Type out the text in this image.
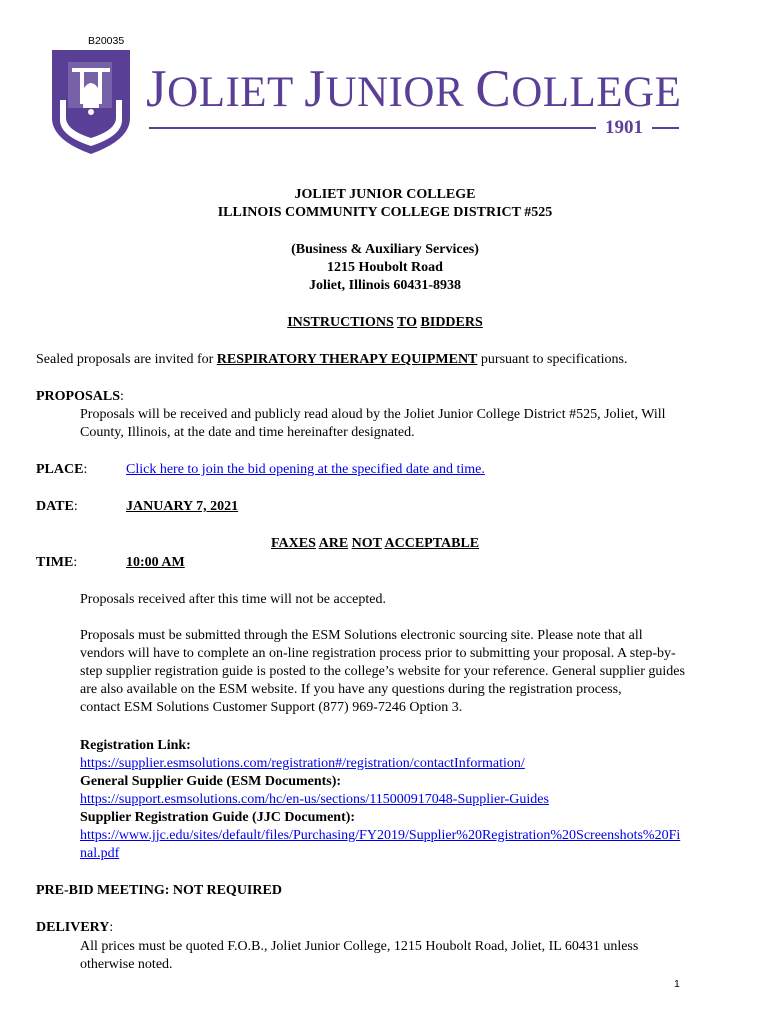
B20035
JOLIET JUNIOR COLLEGE
1901
JOLIET JUNIOR COLLEGE
ILLINOIS COMMUNITY COLLEGE DISTRICT #525
(Business & Auxiliary Services)
1215 Houbolt Road
Joliet, Illinois 60431-8938
INSTRUCTIONS TO BIDDERS
Sealed proposals are invited for RESPIRATORY THERAPY EQUIPMENT pursuant to specifications.
PROPOSALS:
Proposals will be received and publicly read aloud by the Joliet Junior College District #525, Joliet, Will
County, Illinois, at the date and time hereinafter designated.
PLACE:	Click here to join the bid opening at the specified date and time.
DATE:	JANUARY 7, 2021
FAXES ARE NOT ACCEPTABLE
TIME:	10:00 AM
Proposals received after this time will not be accepted.
Proposals must be submitted through the ESM Solutions electronic sourcing site. Please note that all
vendors will have to complete an on-line registration process prior to submitting your proposal. A step-by-
step supplier registration guide is posted to the college’s website for your reference. General supplier guides
are also available on the ESM website. If you have any questions during the registration process,
contact ESM Solutions Customer Support (877) 969-7246 Option 3.
Registration Link:
https://supplier.esmsolutions.com/registration#/registration/contactInformation/
General Supplier Guide (ESM Documents):
https://support.esmsolutions.com/hc/en-us/sections/115000917048-Supplier-Guides
Supplier Registration Guide (JJC Document):
https://www.jjc.edu/sites/default/files/Purchasing/FY2019/Supplier%20Registration%20Screenshots%20Fi
nal.pdf
PRE-BID MEETING: NOT REQUIRED
DELIVERY:
All prices must be quoted F.O.B., Joliet Junior College, 1215 Houbolt Road, Joliet, IL 60431 unless
otherwise noted.
1
